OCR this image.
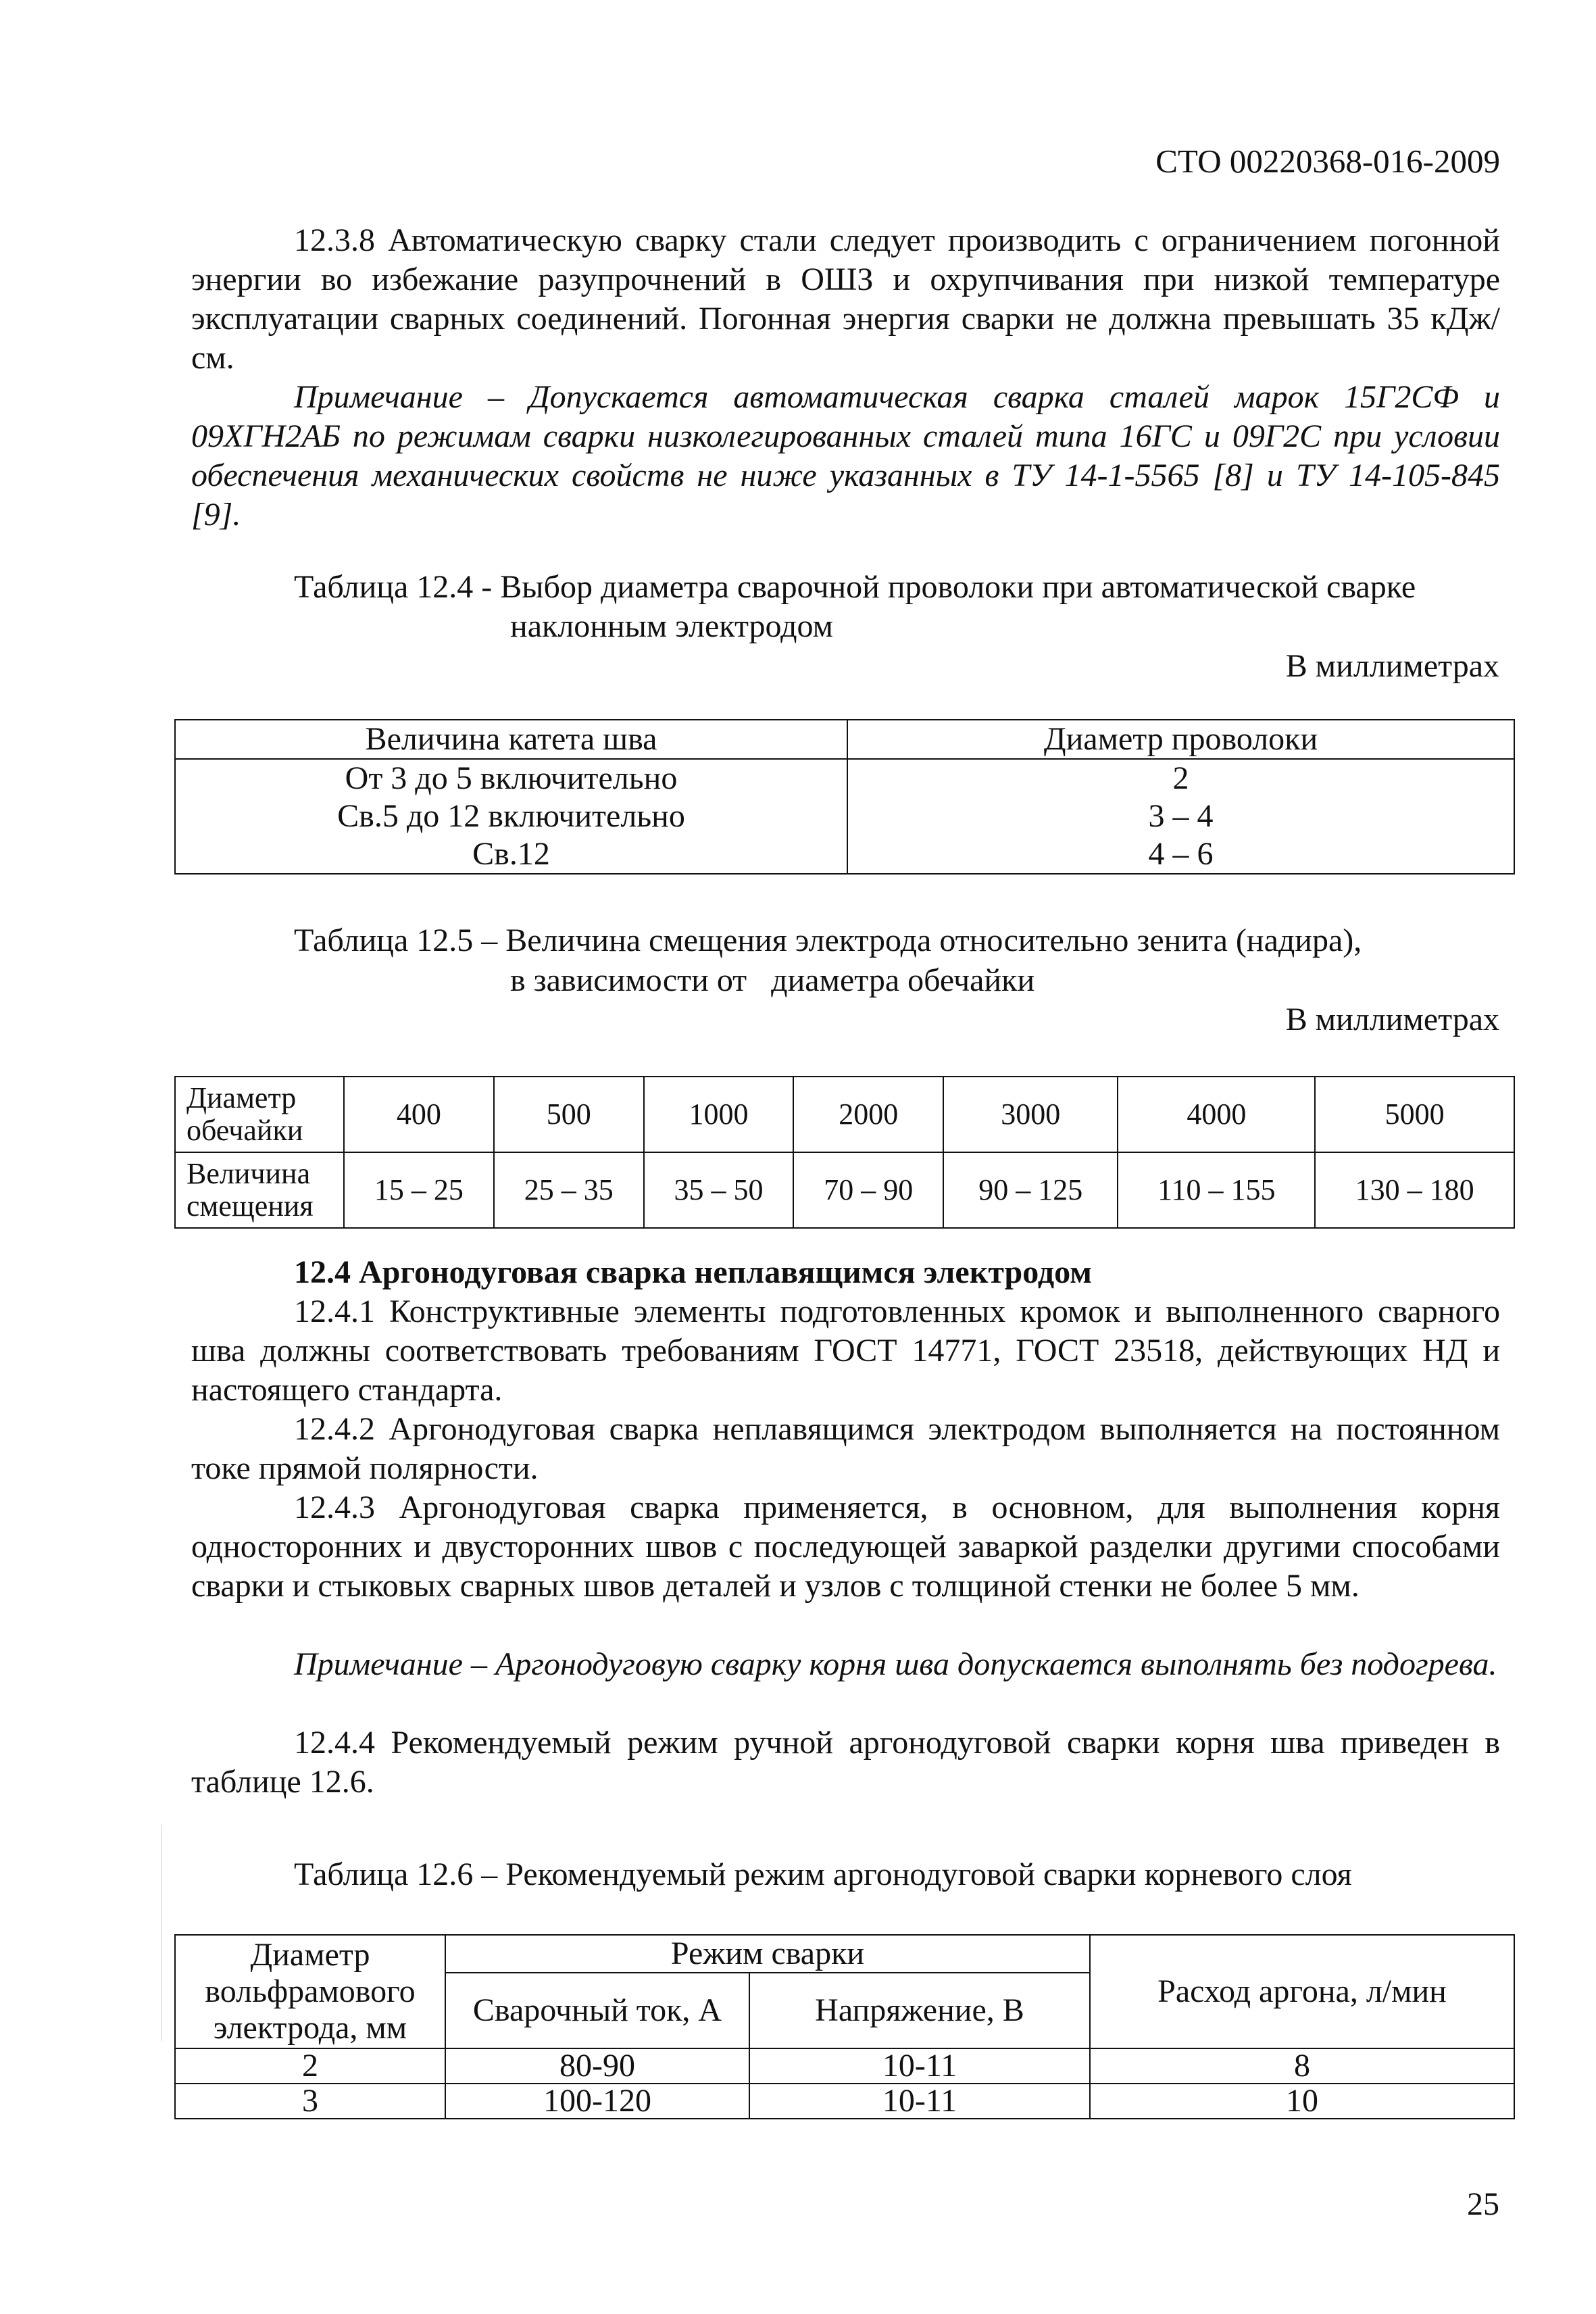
СТО 00220368-016-2009
12.3.8 Автоматическую сварку стали следует производить с ограничением погонной энергии во избежание разупрочнений в ОШЗ и охрупчивания при низкой температуре эксплуатации сварных соединений. Погонная энергия сварки не должна превышать 35 кДж/см.
Примечание – Допускается автоматическая сварка сталей марок 15Г2СФ и 09ХГН2АБ по режимам сварки низколегированных сталей типа 16ГС и 09Г2С при условии обеспечения механических свойств не ниже указанных в ТУ 14-1-5565 [8] и ТУ 14-105-845 [9].
Таблица 12.4 - Выбор диаметра сварочной проволоки при автоматической сварке
наклонным электродом
В миллиметрах
Величина катета шва	Диаметр проволоки
От 3 до 5 включительно	2
Св.5 до 12 включительно	3 – 4
Св.12	4 – 6
Таблица 12.5 – Величина смещения электрода относительно зенита (надира),
в зависимости от   диаметра обечайки
В миллиметрах
Диаметр обечайки	400	500	1000	2000	3000	4000	5000
Величина смещения	15 – 25	25 – 35	35 – 50	70 – 90	90 – 125	110 – 155	130 – 180
12.4 Аргонодуговая сварка неплавящимся электродом
12.4.1 Конструктивные элементы подготовленных кромок и выполненного сварного шва должны соответствовать требованиям ГОСТ 14771, ГОСТ 23518, действующих НД и настоящего стандарта.
12.4.2 Аргонодуговая сварка неплавящимся электродом выполняется на постоянном токе прямой полярности.
12.4.3 Аргонодуговая сварка применяется, в основном, для выполнения корня односторонних и двусторонних швов с последующей заваркой разделки другими способами сварки и стыковых сварных швов деталей и узлов с толщиной стенки не более 5 мм.
Примечание – Аргонодуговую сварку корня шва допускается выполнять без подогрева.
12.4.4 Рекомендуемый режим ручной аргонодуговой сварки корня шва приведен в таблице 12.6.
Таблица 12.6 – Рекомендуемый режим аргонодуговой сварки корневого слоя
Диаметр вольфрамового электрода, мм	Режим сварки		Расход аргона, л/мин
	Сварочный ток, А	Напряжение, В	
2	80-90	10-11	8
3	100-120	10-11	10
25
